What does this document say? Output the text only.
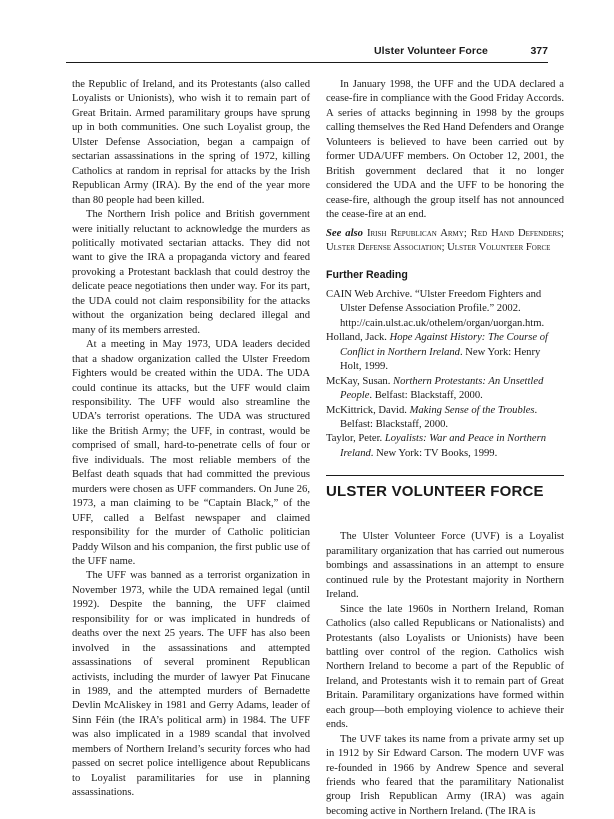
Ulster Volunteer Force	377

the Republic of Ireland, and its Protestants (also called Loyalists or Unionists), who wish it to remain part of Great Britain. Armed paramilitary groups have sprung up in both communities. One such Loyalist group, the Ulster Defense Association, began a campaign of sectarian assassinations in the spring of 1972, killing Catholics at random in reprisal for attacks by the Irish Republican Army (IRA). By the end of the year more than 80 people had been killed.

The Northern Irish police and British government were initially reluctant to acknowledge the murders as politically motivated sectarian attacks. They did not want to give the IRA a propaganda victory and feared provoking a Protestant backlash that could destroy the delicate peace negotiations then under way. For its part, the UDA could not claim responsibility for the attacks without the organization being declared illegal and many of its members arrested.

At a meeting in May 1973, UDA leaders decided that a shadow organization called the Ulster Freedom Fighters would be created within the UDA. The UDA could continue its attacks, but the UFF would claim responsibility. The UFF would also streamline the UDA’s terrorist operations. The UDA was structured like the British Army; the UFF, in contrast, would be comprised of small, hard-to-penetrate cells of four or five individuals. The most reliable members of the Belfast death squads that had committed the previous murders were chosen as UFF commanders. On June 26, 1973, a man claiming to be “Captain Black,” of the UFF, called a Belfast newspaper and claimed responsibility for the murder of Catholic politician Paddy Wilson and his companion, the first public use of the UFF name.

The UFF was banned as a terrorist organization in November 1973, while the UDA remained legal (until 1992). Despite the banning, the UFF claimed responsibility for or was implicated in hundreds of deaths over the next 25 years. The UFF has also been involved in the assassinations and attempted assassinations of several prominent Republican activists, including the murder of lawyer Pat Finucane in 1989, and the attempted murders of Bernadette Devlin McAliskey in 1981 and Gerry Adams, leader of Sinn Féin (the IRA’s political arm) in 1984. The UFF was also implicated in a 1989 scandal that involved members of Northern Ireland’s security forces who had passed on secret police intelligence about Republicans to Loyalist paramilitaries for use in planning assassinations.

In January 1998, the UFF and the UDA declared a cease-fire in compliance with the Good Friday Accords. A series of attacks beginning in 1998 by the groups calling themselves the Red Hand Defenders and Orange Volunteers is believed to have been carried out by former UDA/UFF members. On October 12, 2001, the British government declared that it no longer considered the UDA and the UFF to be honoring the cease-fire, although the group itself has not announced the cease-fire at an end.

See also Irish Republican Army; Red Hand Defenders; Ulster Defense Association; Ulster Volunteer Force

Further Reading
CAIN Web Archive. “Ulster Freedom Fighters and Ulster Defense Association Profile.” 2002. http://cain.ulst.ac.uk/othelem/organ/uorgan.htm.
Holland, Jack. Hope Against History: The Course of Conflict in Northern Ireland. New York: Henry Holt, 1999.
McKay, Susan. Northern Protestants: An Unsettled People. Belfast: Blackstaff, 2000.
McKittrick, David. Making Sense of the Troubles. Belfast: Blackstaff, 2000.
Taylor, Peter. Loyalists: War and Peace in Northern Ireland. New York: TV Books, 1999.
ULSTER VOLUNTEER FORCE

The Ulster Volunteer Force (UVF) is a Loyalist paramilitary organization that has carried out numerous bombings and assassinations in an attempt to ensure continued rule by the Protestant majority in Northern Ireland.

Since the late 1960s in Northern Ireland, Roman Catholics (also called Republicans or Nationalists) and Protestants (also Loyalists or Unionists) have been battling over control of the region. Catholics wish Northern Ireland to become a part of the Republic of Ireland, and Protestants wish it to remain part of Great Britain. Paramilitary organizations have formed within each group—both employing violence to achieve their ends.

The UVF takes its name from a private army set up in 1912 by Sir Edward Carson. The modern UVF was re-founded in 1966 by Andrew Spence and several friends who feared that the paramilitary Nationalist group Irish Republican Army (IRA) was again becoming active in Northern Ireland. (The IRA is
